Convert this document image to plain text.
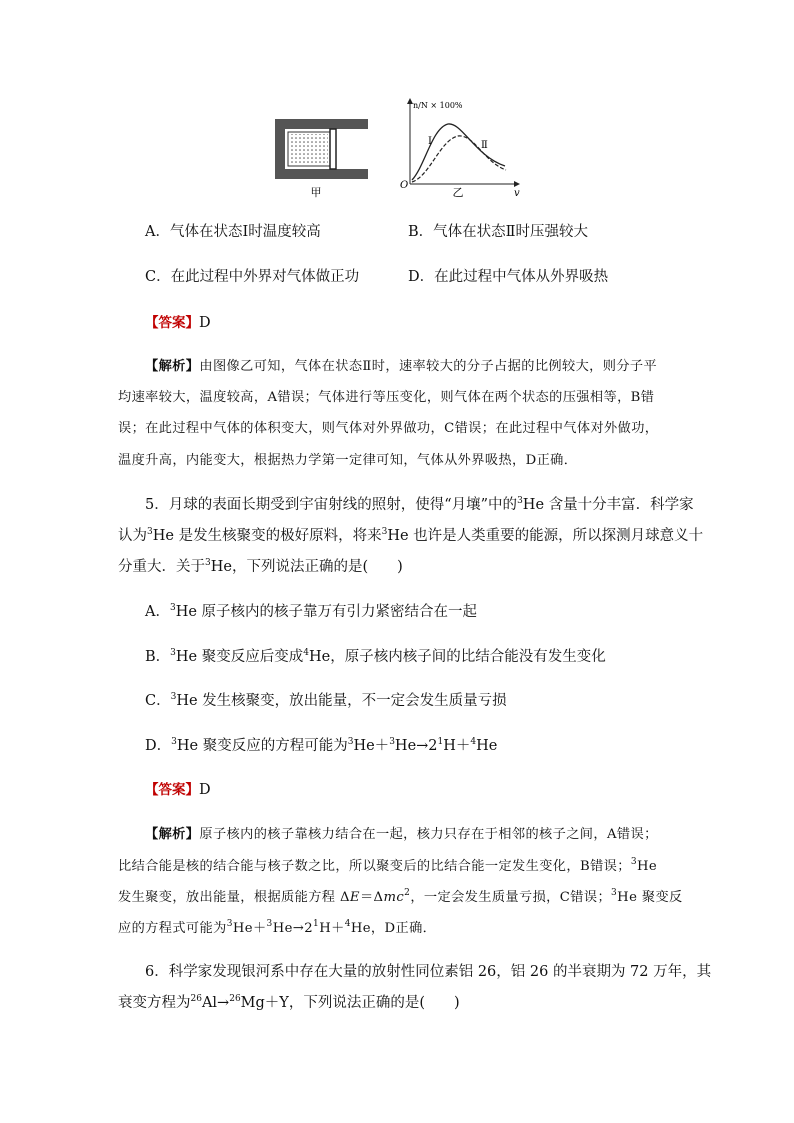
甲
n/N × 100%
O
v
乙
Ⅰ	Ⅱ
A．气体在状态Ⅰ时温度较高	B．气体在状态Ⅱ时压强较大
C．在此过程中外界对气体做正功	D．在此过程中气体从外界吸热
【答案】D
【解析】由图像乙可知，气体在状态Ⅱ时，速率较大的分子占据的比例较大，则分子平
均速率较大，温度较高，A错误；气体进行等压变化，则气体在两个状态的压强相等，B错
误；在此过程中气体的体积变大，则气体对外界做功，C错误；在此过程中气体对外做功，
温度升高，内能变大，根据热力学第一定律可知，气体从外界吸热，D正确．
5．月球的表面长期受到宇宙射线的照射，使得“月壤”中的$^3$He 含量十分丰富．科学家
认为$^3$He 是发生核聚变的极好原料，将来$^3$He 也许是人类重要的能源，所以探测月球意义十
分重大．关于$^3$He，下列说法正确的是(　　)
A．$^3$He 原子核内的核子靠万有引力紧密结合在一起
B．$^3$He 聚变反应后变成$^4$He，原子核内核子间的比结合能没有发生变化
C．$^3$He 发生核聚变，放出能量，不一定会发生质量亏损
D．$^3$He 聚变反应的方程可能为$^3He+^3He\to 2^1H+^4He$
【答案】D
【解析】原子核内的核子靠核力结合在一起，核力只存在于相邻的核子之间，A错误；
比结合能是核的结合能与核子数之比，所以聚变后的比结合能一定发生变化，B错误；$^3$He
发生聚变，放出能量，根据质能方程 ΔE＝Δmc$^2$，一定会发生质量亏损，C错误；$^3$He 聚变反
应的方程式可能为$^3He+^3He\to 2^1H+^4He$，D正确．
6．科学家发现银河系中存在大量的放射性同位素铝 26，铝 26 的半衰期为 72 万年，其
衰变方程为$^{26}$Al→$^{26}$Mg＋Y，下列说法正确的是(　　)
